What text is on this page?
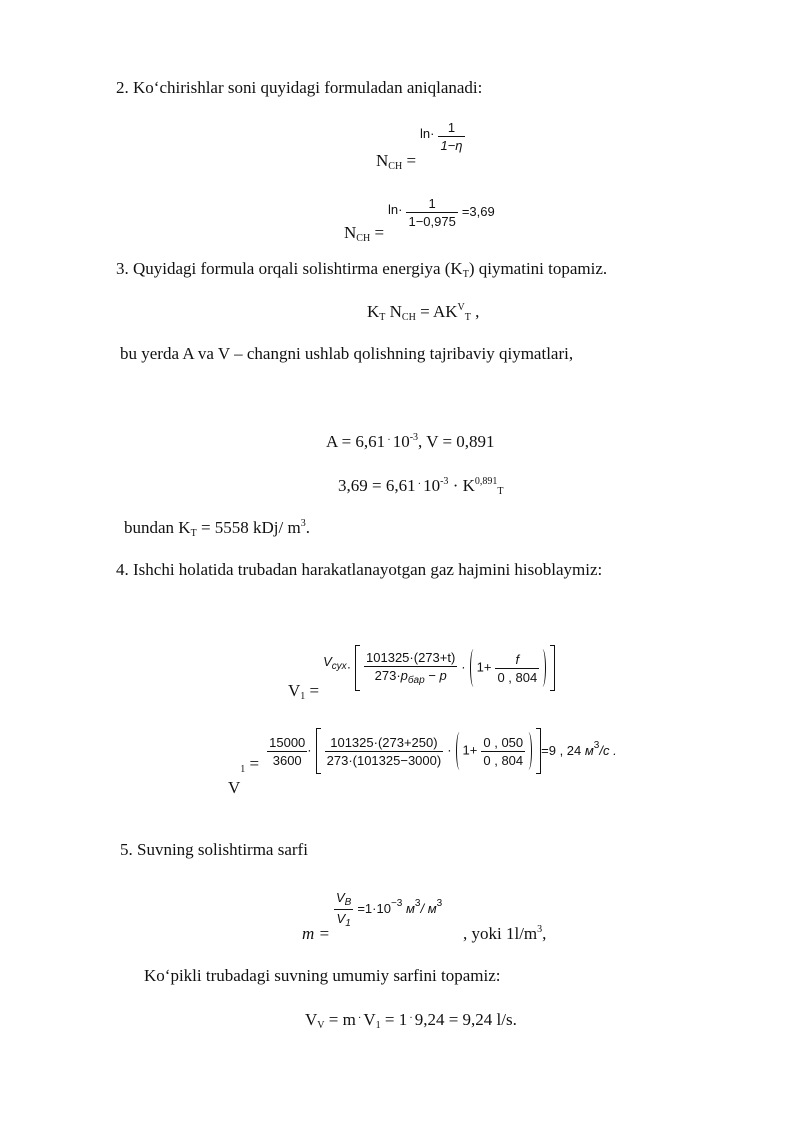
2. Ko‘chirishlar soni quyidagi formuladan aniqlanadi:
$N_{CH} = ^{ln\cdot} \frac{1}{1-\eta}$
$N_{CH} = \ln\cdot \frac{1}{1-0,975} =3,69$
3. Quyidagi formula orqali solishtirma energiya $(K_T)$ qiymatini topamiz.
$K_T$ $N_{CH} = AK^V_T$ ,
bu yerda A va V – changni ushlab qolishning tajribaviy qiymatlari,
A = 6,61 . $10^{-3}$, V = 0,891
3,69 = 6,61 . $10^{-3} \cdot K^{0,891}_T$
bundan $K_T = 5558$ kDj/ $m^3$.
4. Ishchi holatida trubadan harakatlanayotgan gaz hajmini hisoblaymiz:
$V_1 = ^{V_{сух}}\cdot \frac{101325\cdot(273+t)}{273\cdot p_{бар} - p} \cdot 1+ \frac{f}{0 , 804}$

V $_1 = \frac{15000}{3600} \cdot \frac{101325\cdot(273+250)}{273\cdot(101325-3000)} \cdot 1+ \frac{0 , 050}{0 , 804} =9$ , 24 $м^3/с$ .
5. Suvning solishtirma sarfi
m =
$\frac{V_B}{V_1} ^{=1\cdot 10^{-3} м^3/ м^3}$
, yoki $1l/m^3$,
Ko‘pikli trubadagi suvning umumiy sarfini topamiz:
$V_V = m$ . $V_1 = 1$ . 9,24 = 9,24 l/s.
